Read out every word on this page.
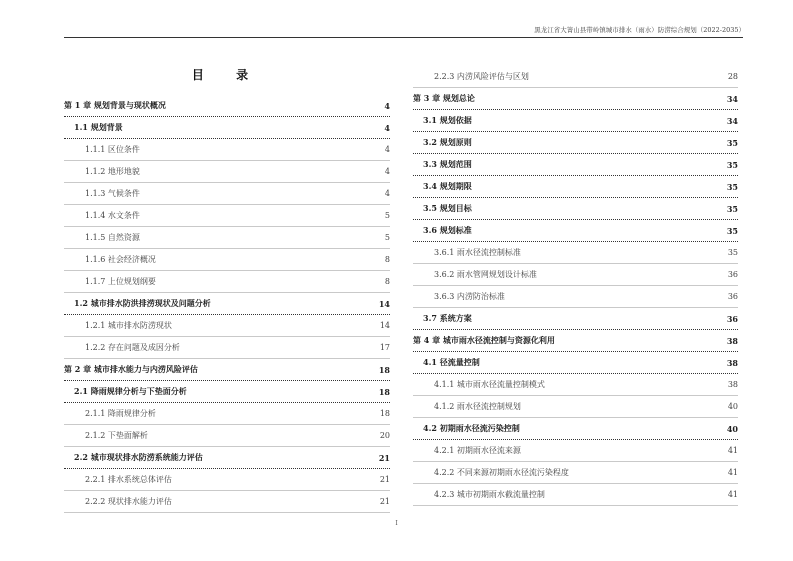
黑龙江省大箐山县带岭镇城市排水（雨水）防涝综合规划（2022-2035）
目 录
第 1 章 规划背景与现状概况	4
1.1 规划背景	4
1.1.1 区位条件	4
1.1.2 地形地貌	4
1.1.3 气候条件	4
1.1.4 水文条件	5
1.1.5 自然资源	5
1.1.6 社会经济概况	8
1.1.7 上位规划纲要	8
1.2 城市排水防洪排涝现状及问题分析	14
1.2.1 城市排水防涝现状	14
1.2.2 存在问题及成因分析	17
第 2 章 城市排水能力与内涝风险评估	18
2.1 降雨规律分析与下垫面分析	18
2.1.1 降雨规律分析	18
2.1.2 下垫面解析	20
2.2 城市现状排水防涝系统能力评估	21
2.2.1 排水系统总体评估	21
2.2.2 现状排水能力评估	21
2.2.3 内涝风险评估与区划	28
第 3 章 规划总论	34
3.1 规划依据	34
3.2 规划原则	35
3.3 规划范围	35
3.4 规划期限	35
3.5 规划目标	35
3.6 规划标准	35
3.6.1 雨水径流控制标准	35
3.6.2 雨水管网规划设计标准	36
3.6.3 内涝防治标准	36
3.7 系统方案	36
第 4 章 城市雨水径流控制与资源化利用	38
4.1 径流量控制	38
4.1.1 城市雨水径流量控制模式	38
4.1.2 雨水径流控制规划	40
4.2 初期雨水径流污染控制	40
4.2.1 初期雨水径流来源	41
4.2.2 不同来源初期雨水径流污染程度	41
4.2.3 城市初期雨水截流量控制	41
I
